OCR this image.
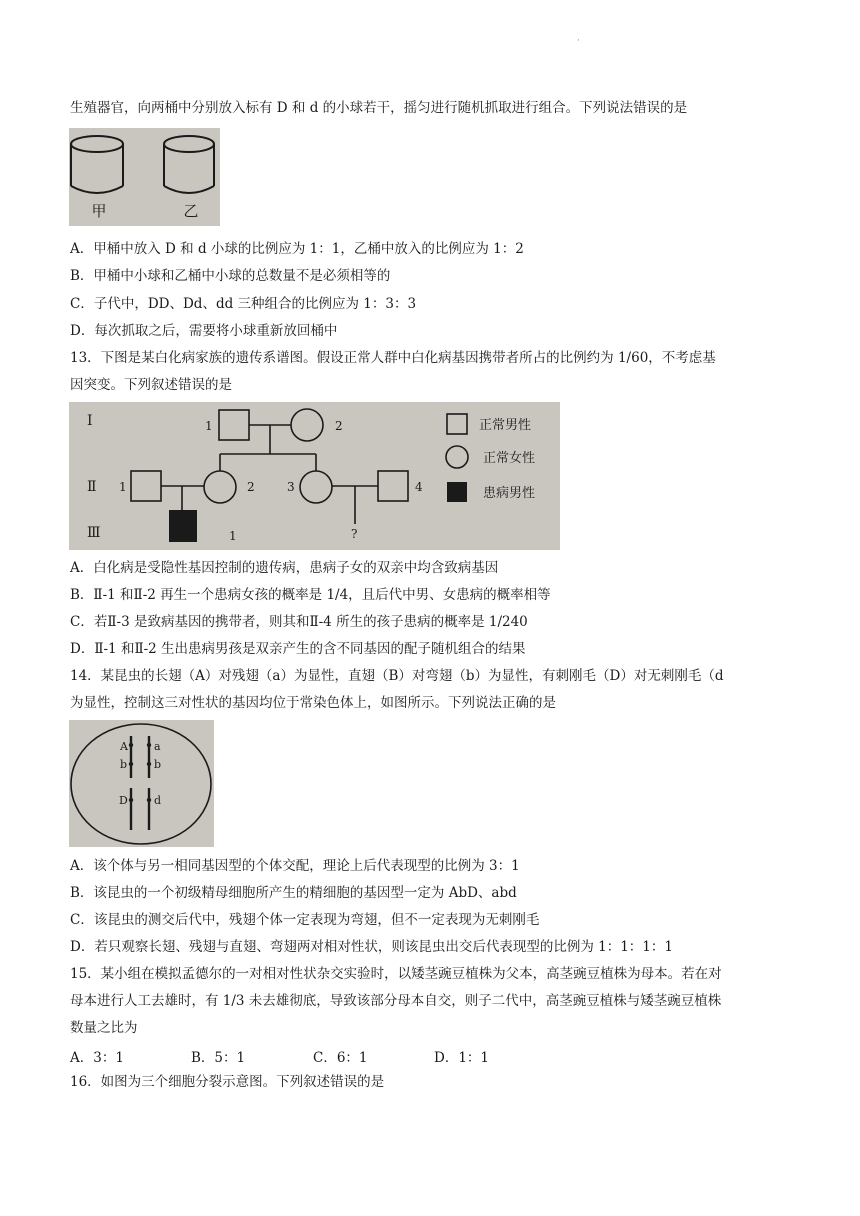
·
生殖器官，向两桶中分别放入标有 D 和 d 的小球若干，摇匀进行随机抓取进行组合。下列说法错误的是
甲	乙
A．甲桶中放入 D 和 d 小球的比例应为 1：1，乙桶中放入的比例应为 1：2
B．甲桶中小球和乙桶中小球的总数量不是必须相等的
C．子代中，DD、Dd、dd 三种组合的比例应为 1：3：3
D．每次抓取之后，需要将小球重新放回桶中
13．下图是某白化病家族的遗传系谱图。假设正常人群中白化病基因携带者所占的比例约为 1/60，不考虑基
因突变。下列叙述错误的是
Ⅰ
Ⅱ
Ⅲ
1	2
1	2	3	4
1	?
正常男性
正常女性
患病男性
A．白化病是受隐性基因控制的遗传病，患病子女的双亲中均含致病基因
B．Ⅱ-1 和Ⅱ-2 再生一个患病女孩的概率是 1/4，且后代中男、女患病的概率相等
C．若Ⅱ-3 是致病基因的携带者，则其和Ⅱ-4 所生的孩子患病的概率是 1/240
D．Ⅱ-1 和Ⅱ-2 生出患病男孩是双亲产生的含不同基因的配子随机组合的结果
14．某昆虫的长翅（A）对残翅（a）为显性，直翅（B）对弯翅（b）为显性，有刺刚毛（D）对无刺刚毛（d
为显性，控制这三对性状的基因均位于常染色体上，如图所示。下列说法正确的是
A a
b b
D d
A．该个体与另一相同基因型的个体交配，理论上后代表现型的比例为 3：1
B．该昆虫的一个初级精母细胞所产生的精细胞的基因型一定为 AbD、abd
C．该昆虫的测交后代中，残翅个体一定表现为弯翅，但不一定表现为无刺刚毛
D．若只观察长翅、残翅与直翅、弯翅两对相对性状，则该昆虫出交后代表现型的比例为 1：1：1：1
15．某小组在模拟孟德尔的一对相对性状杂交实验时，以矮茎豌豆植株为父本，高茎豌豆植株为母本。若在对
母本进行人工去雄时，有 1/3 未去雄彻底，导致该部分母本自交，则子二代中，高茎豌豆植株与矮茎豌豆植株
数量之比为
A．3：1	B．5：1	C．6：1	D．1：1
16．如图为三个细胞分裂示意图。下列叙述错误的是
